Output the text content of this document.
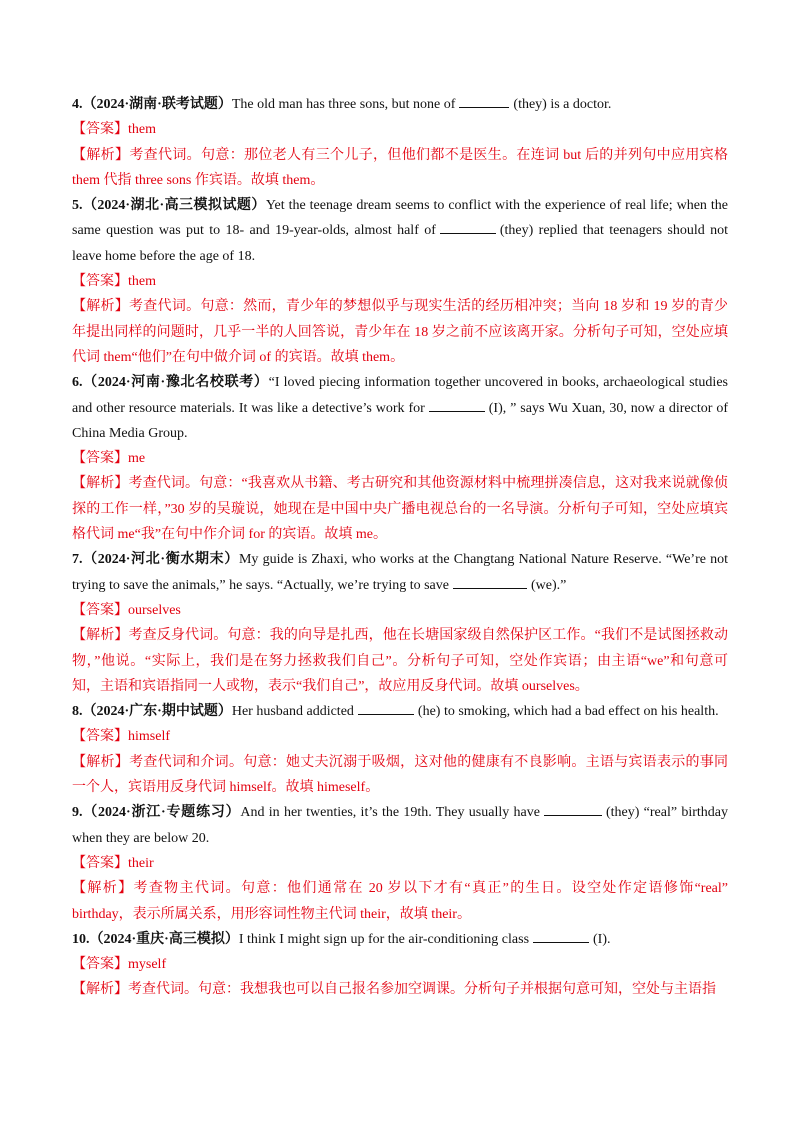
4.（2024·湖南·联考试题）The old man has three sons, but none of	(they) is a doctor.
【答案】them
【解析】考查代词。句意：那位老人有三个儿子，但他们都不是医生。在连词 but 后的并列句中应用宾格 them 代指 three sons 作宾语。故填 them。
5.（2024·湖北·高三模拟试题）Yet the teenage dream seems to conflict with the experience of real life; when the same question was put to 18- and 19-year-olds, almost half of	(they) replied that teenagers should not leave home before the age of 18.
【答案】them
【解析】考查代词。句意：然而，青少年的梦想似乎与现实生活的经历相冲突；当向 18 岁和 19 岁的青少年提出同样的问题时，几乎一半的人回答说，青少年在 18 岁之前不应该离开家。分析句子可知，空处应填代词 them“他们”在句中做介词 of 的宾语。故填 them。
6.（2024·河南·豫北名校联考）“I loved piecing information together uncovered in books, archaeological studies and other resource materials. It was like a detective’s work for	(I), ” says Wu Xuan, 30, now a director of China Media Group.
【答案】me
【解析】考查代词。句意：“我喜欢从书籍、考古研究和其他资源材料中梳理拼凑信息，这对我来说就像侦探的工作一样，”30 岁的吴璇说，她现在是中国中央广播电视总台的一名导演。分析句子可知，空处应填宾格代词 me“我”在句中作介词 for 的宾语。故填 me。
7.（2024·河北·衡水期末）My guide is Zhaxi, who works at the Changtang National Nature Reserve. “We’re not trying to save the animals,” he says. “Actually, we’re trying to save	(we).”
【答案】ourselves
【解析】考查反身代词。句意：我的向导是扎西，他在长塘国家级自然保护区工作。“我们不是试图拯救动物，”他说。“实际上，我们是在努力拯救我们自己”。分析句子可知，空处作宾语；由主语“we”和句意可知，主语和宾语指同一人或物，表示“我们自己”，故应用反身代词。故填 ourselves。
8.（2024·广东·期中试题）Her husband addicted	(he) to smoking, which had a bad effect on his health.
【答案】himself
【解析】考查代词和介词。句意：她丈夫沉溺于吸烟，这对他的健康有不良影响。主语与宾语表示的事同一个人，宾语用反身代词 himself。故填 himeself。
9.（2024·浙江·专题练习）And in her twenties, it’s the 19th. They usually have	(they) “real” birthday when they are below 20.
【答案】their
【解析】考查物主代词。句意：他们通常在 20 岁以下才有“真正”的生日。设空处作定语修饰“real” birthday，表示所属关系，用形容词性物主代词 their，故填 their。
10.（2024·重庆·高三模拟）I think I might sign up for the air-conditioning class	(I).
【答案】myself
【解析】考查代词。句意：我想我也可以自己报名参加空调课。分析句子并根据句意可知，空处与主语指
